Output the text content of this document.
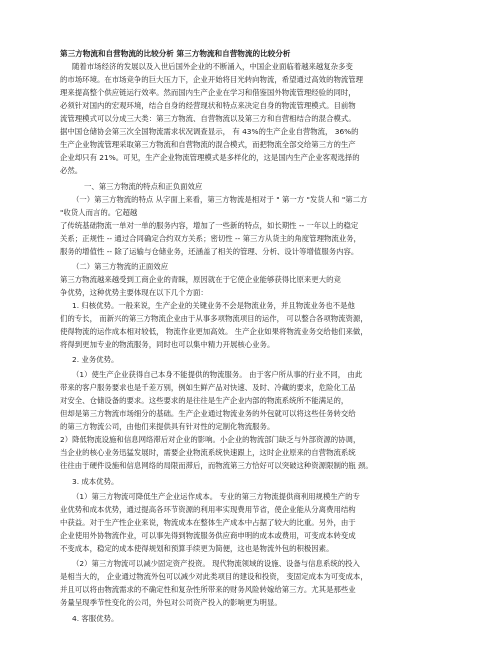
第三方物流和自营物流的比较分析 第三方物流和自营物流的比较分析
随着市场经济的发展以及入世后国外企业的不断涌入，中国企业面临着越来越复杂多变
的市场环境。在市场竞争的巨大压力下，企业开始将目光转向物流，希望通过高效的物流管理
理来提高整个供应链运行效率。然而国内生产企业在学习和借鉴国外物流管理经验的同时，
必须针对国内的宏观环境，结合自身的经营现状和特点来决定自身的物流管理模式。目前物
流管理模式可以分成三大类：第三方物流、自营物流以及第三方和自营相结合的混合模式。
据中国仓储协会第三次全国物流需求状况调查显示， 有 43%的生产企业自营物流， 36%的
生产企业物流管理采取第三方物流和自营物流的混合模式，而把物流全部交给第三方的生产
企业却只有 21%。可见，生产企业物流管理模式是多样化的，这是国内生产企业客观选择的
必然。
一、第三方物流的特点和正负面效应
（一）第三方物流的特点 从字面上来看，第三方物流是相对于 " 第一方 "发货人和 "第二方
"收货人而言的。它超越
了传统基础物流一单对一单的服务内容，增加了一些新的特点，如长期性 -- 一年以上的稳定
关系；正规性 -- 通过合同确定合约双方关系；密切性 -- 第三方从货主的角度管理物流业务，
服务的增值性 -- 除了运输与仓储业务，还涵盖了相关的管理、分析、设计等增值服务内容。
（二）第三方物流的正面效应
第三方物流越来越受到工商企业的青睐，原因就在于它使企业能够获得比原来更大的竞
争优势，这种优势主要体现在以下几个方面：
1. 归核优势。一般来说，生产企业的关键业务不会是物流业务，并且物流业务也不是他
们的专长， 而新兴的第三方物流企业由于从事多项物流项目的运作， 可以整合各项物流资源，
使得物流的运作成本相对较低， 物流作业更加高效。 生产企业如果将物流业务交给他们来做，
将得到更加专业的物流服务，同时也可以集中精力开展核心业务。
2. 业务优势。
（1）使生产企业获得自己本身不能提供的物流服务。 由于客户所从事的行业不同， 由此
带来的客户服务要求也是千差万别，例如生鲜产品对快速、及时、冷藏的要求，危险化工品
对安全、仓储设备的要求。这些要求的是往往是生产企业内部的物流系统所不能满足的，
但却是第三方物流市场细分的基础。生产企业通过物流业务的外包就可以将这些任务转交给
的第三方物流公司，由他们来提供具有针对性的定制化物流服务。
2）降低物流设施和信息网络滞后对企业的影响。小企业的物流部门缺乏与外部资源的协调，
当企业的核心业务迅猛发展时，需要企业物流系统快速跟上，这时企业原来的自营物流系统
往往由于硬件设施和信息网络的局限而滞后，而物流第三方恰好可以突破这种资源限制的瓶 颈。
3. 成本优势。
（1）第三方物流可降低生产企业运作成本。 专业的第三方物流提供商利用规模生产的专
业优势和成本优势，通过提高各环节资源的利用率实现费用节省，使企业能从分离费用结构
中获益。对于生产性企业来说，物流成本在整体生产成本中占据了较大的比重。另外，由于
企业使用外协物流作业，可以事先得到物流服务供应商申明的成本或费用，可变成本转变成
不变成本，稳定的成本使得规划和预算手续更为简便，这也是物流外包的积极因素。
（2）第三方物流可以减少固定资产投资。 现代物流领域的设施、设备与信息系统的投入
是相当大的， 企业通过物流外包可以减少对此类项目的建设和投资， 变固定成本为可变成本，
并且可以将由物流需求的不确定性和复杂性所带来的财务风险转嫁给第三方。尤其是那些业
务量呈现季节性变化的公司，外包对公司资产投入的影响更为明显。
4. 客服优势。
